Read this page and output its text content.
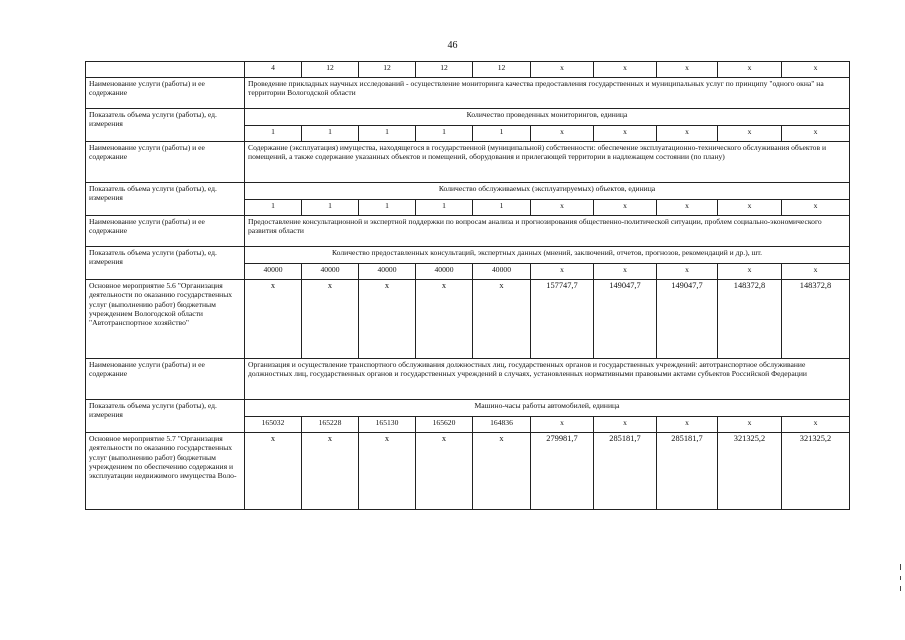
46
	4	12	12	12	12	х	х	х	х	х
Наименование услуги (работы) и ее содержание	Проведение прикладных научных исследований - осуществление мониторинга качества предоставления государственных и муниципальных услуг по принципу "одного окна" на территории Вологодской области									
Показатель объема услуги (работы), ед. измерения	Количество проведенных мониторингов, единица									
	1	1	1	1	1	х	х	х	х	х
Наименование услуги (работы) и ее содержание	Содержание (эксплуатация) имущества, находящегося в государственной (муниципальной) собственности: обеспечение эксплуатационно-технического обслуживания объектов и помещений, а также содержание указанных объектов и помещений, оборудования и прилегающей территории в надлежащем состоянии (по плану)									
Показатель объема услуги (работы), ед. измерения	Количество обслуживаемых (эксплуатируемых) объектов, единица									
	1	1	1	1	1	х	х	х	х	х
Наименование услуги (работы) и ее содержание	Предоставление консультационной и экспертной поддержки по вопросам анализа и прогнозирования общественно-политической ситуации, проблем социально-экономического развития области									
Показатель объема услуги (работы), ед. измерения	Количество предоставленных консультаций, экспертных данных (мнений, заключений, отчетов, прогнозов, рекомендаций и др.), шт.									
	40000	40000	40000	40000	40000	х	х	х	х	х
Основное мероприятие 5.6 "Организация деятельности по оказанию государственных услуг (выполнению работ) бюджетным учреждением Вологодской области "Автотранспортное хозяйство"	х	х	х	х	х	157747,7	149047,7	149047,7	148372,8	148372,8
Наименование услуги (работы) и ее содержание	Организация и осуществление транспортного обслуживания должностных лиц, государственных органов и государственных учреждений: автотранспортное обслуживание должностных лиц, государственных органов и государственных учреждений в случаях, установленных нормативными правовыми актами субъектов Российской Федерации									
Показатель объема услуги (работы), ед. измерения	Машино-часы работы автомобилей, единица									
	165032	165228	165130	165620	164836	х	х	х	х	х
Основное мероприятие 5.7 "Организация деятельности по оказанию государственных услуг (выполнению работ) бюджетным учреждением по обеспечению содержания и эксплуатации недвижимого имущества Воло-	х	х	х	х	х	279981,7	285181,7	285181,7	321325,2	321325,2
